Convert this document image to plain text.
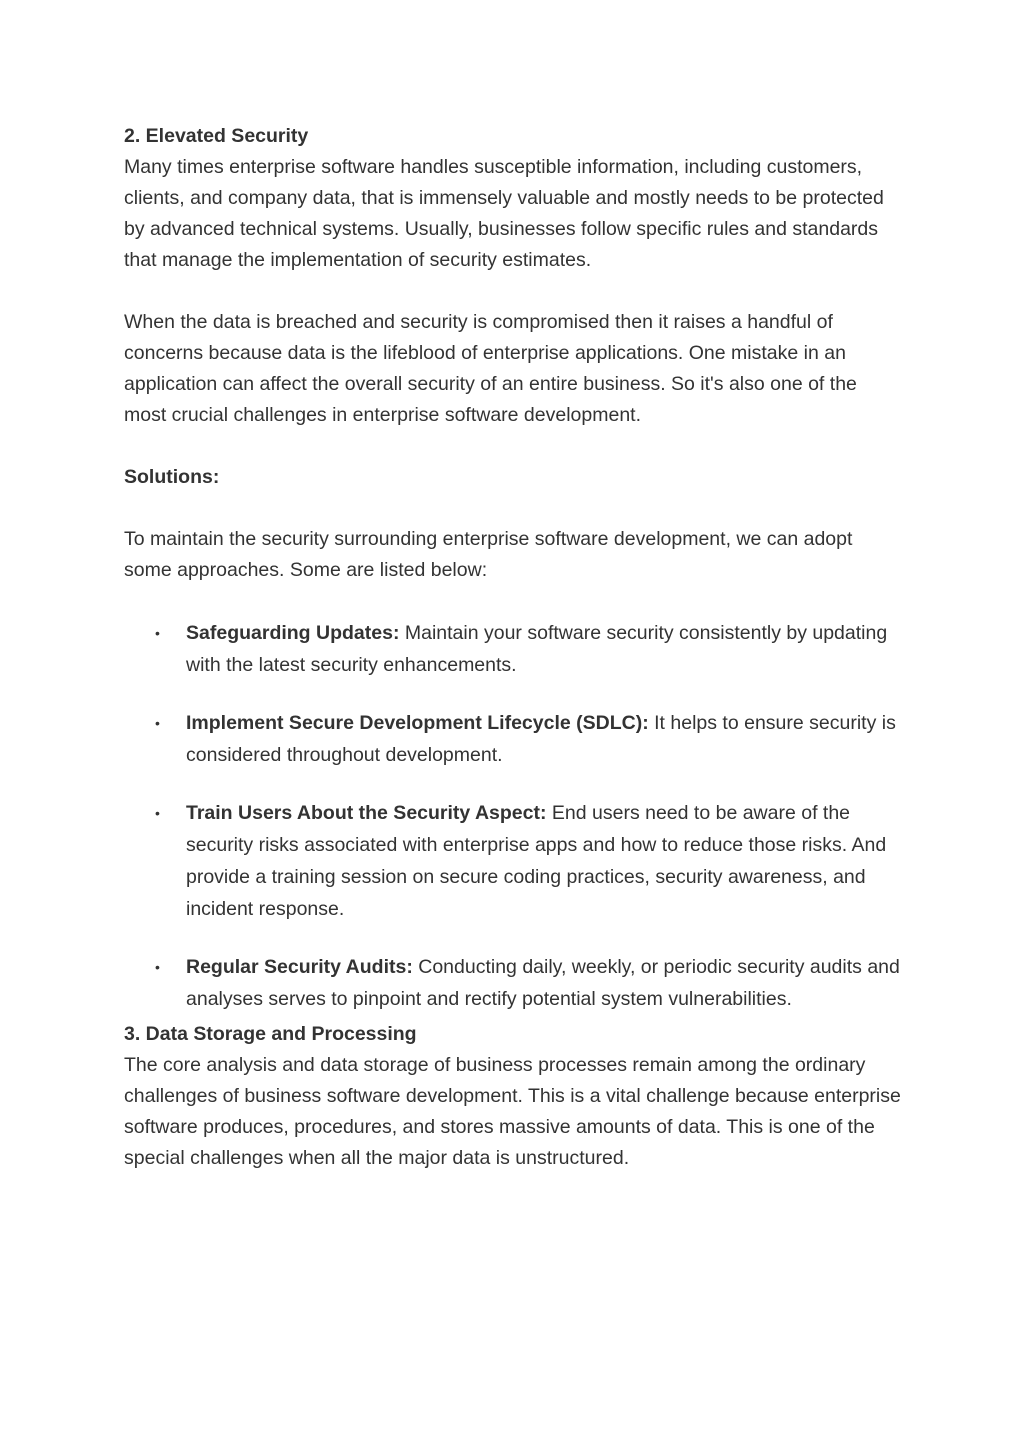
2. Elevated Security

Many times enterprise software handles susceptible information, including customers, clients, and company data, that is immensely valuable and mostly needs to be protected by advanced technical systems. Usually, businesses follow specific rules and standards that manage the implementation of security estimates.

When the data is breached and security is compromised then it raises a handful of concerns because data is the lifeblood of enterprise applications. One mistake in an application can affect the overall security of an entire business. So it's also one of the most crucial challenges in enterprise software development.

Solutions:

To maintain the security surrounding enterprise software development, we can adopt some approaches. Some are listed below:

• Safeguarding Updates: Maintain your software security consistently by updating with the latest security enhancements.
• Implement Secure Development Lifecycle (SDLC): It helps to ensure security is considered throughout development.
• Train Users About the Security Aspect: End users need to be aware of the security risks associated with enterprise apps and how to reduce those risks. And provide a training session on secure coding practices, security awareness, and incident response.
• Regular Security Audits: Conducting daily, weekly, or periodic security audits and analyses serves to pinpoint and rectify potential system vulnerabilities.

3. Data Storage and Processing

The core analysis and data storage of business processes remain among the ordinary challenges of business software development. This is a vital challenge because enterprise software produces, procedures, and stores massive amounts of data. This is one of the special challenges when all the major data is unstructured.
